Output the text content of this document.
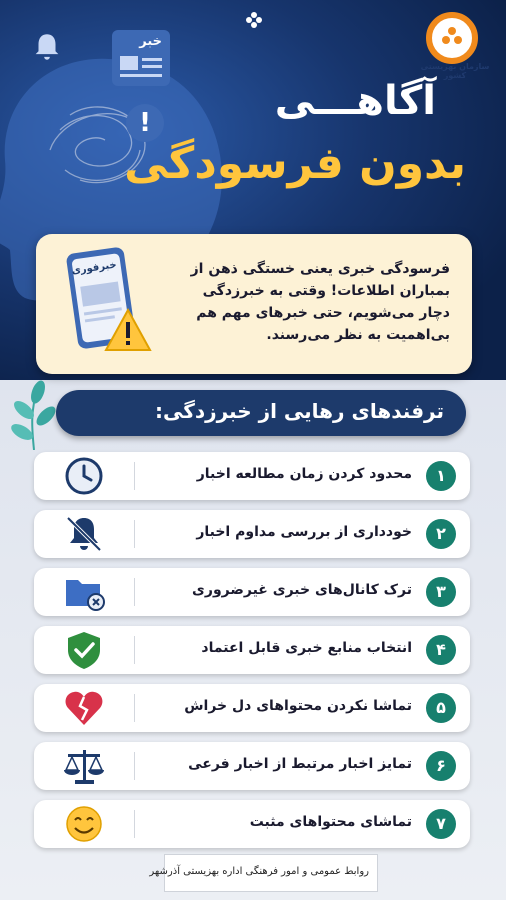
خبر
!
سازمان بهزیستی کشور
آگاهـــی
بدون فرسودگی
فرسودگی خبری یعنی خستگی ذهن از بمباران اطلاعات! وقتی به خبرزدگی دچار می‌شویم، حتی خبرهای مهم هم بی‌اهمیت به نظر می‌رسند.
خبرفوری
ترفندهای رهایی از خبرزدگی:
۱
محدود کردن زمان مطالعه اخبار
۲
خودداری از بررسی مداوم اخبار
۳
ترک کانال‌های خبری غیرضروری
۴
انتخاب منابع خبری قابل اعتماد
۵
تماشا نکردن محتواهای دل خراش
۶
تمایز اخبار مرتبط از اخبار فرعی
۷
تماشای محتواهای مثبت
روابط عمومی و امور فرهنگی اداره بهزیستی آذرشهر
